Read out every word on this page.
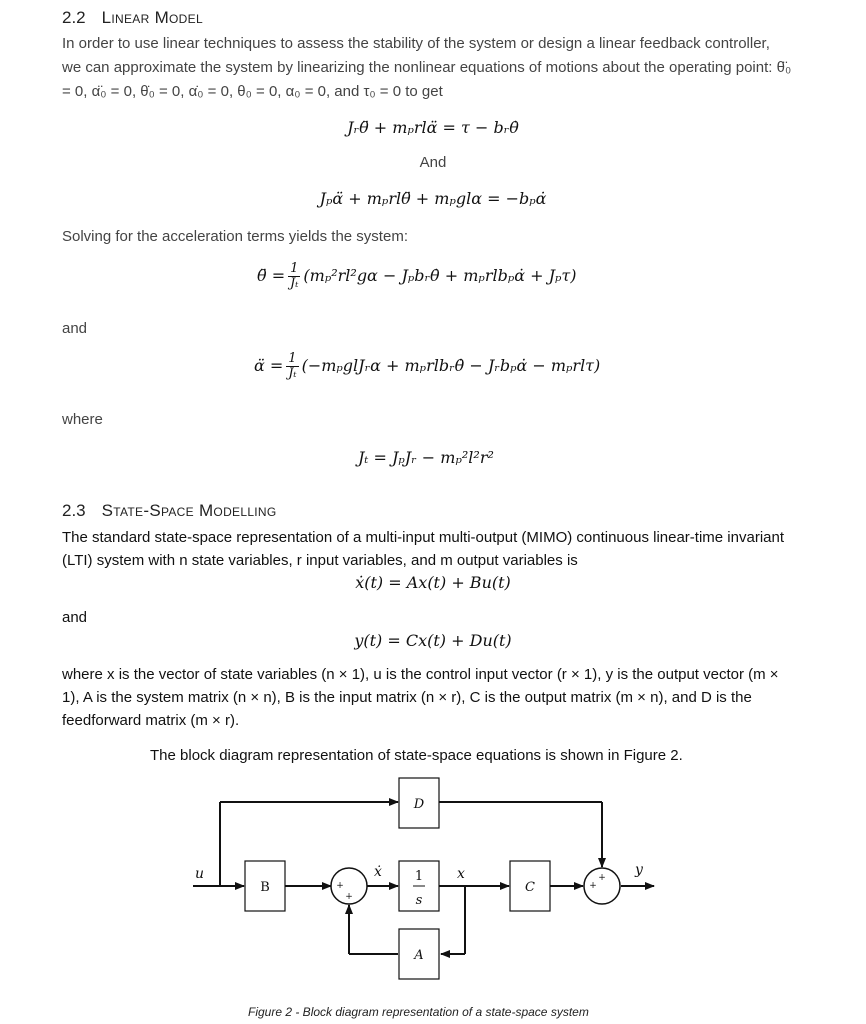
2.2 Linear Model
In order to use linear techniques to assess the stability of the system or design a linear feedback controller, we can approximate the system by linearizing the nonlinear equations of motions about the operating point: θ̈₀ = 0, α̈₀ = 0, θ̇₀ = 0, α̇₀ = 0, θ₀ = 0, α₀ = 0, and τ₀ = 0 to get
Jᵣθ̈ + mₚrlα̈ = τ − bᵣθ̇
And
Jₚα̈ + mₚrlθ̈ + mₚglα = −bₚα̇
Solving for the acceleration terms yields the system:
θ̈ = $\frac{1}{\text{Jₜ}} (m_p^2rl^2g\alpha$ − Jₚbᵣθ̇ + mₚrlbₚα̇ + Jₚτ)
and
α̈ = $\frac{1}{\text{Jₜ}}$ (−mₚglJᵣα + mₚrlbᵣθ̇ − Jᵣbₚα̇ − mₚrlτ)
where
Jₜ = JₚJᵣ − mₚ²l²r²
2.3 State-Space Modelling
The standard state-space representation of a multi-input multi-output (MIMO) continuous linear-time invariant (LTI) system with n state variables, r input variables, and m output variables is
ẋ(t) = Ax(t) + Bu(t)
and
y(t) = Cx(t) + Du(t)
where x is the vector of state variables (n × 1), u is the control input vector (r × 1), y is the output vector (m × 1), A is the system matrix (n × n), B is the input matrix (n × r), C is the output matrix (m × n), and D is the feedforward matrix (m × r).
The block diagram representation of state-space equations is shown in Figure 2.
u
B
ẋ	1
s
x
C
y
D
A
+
+
+
+
Figure 2 - Block diagram representation of a state-space system
